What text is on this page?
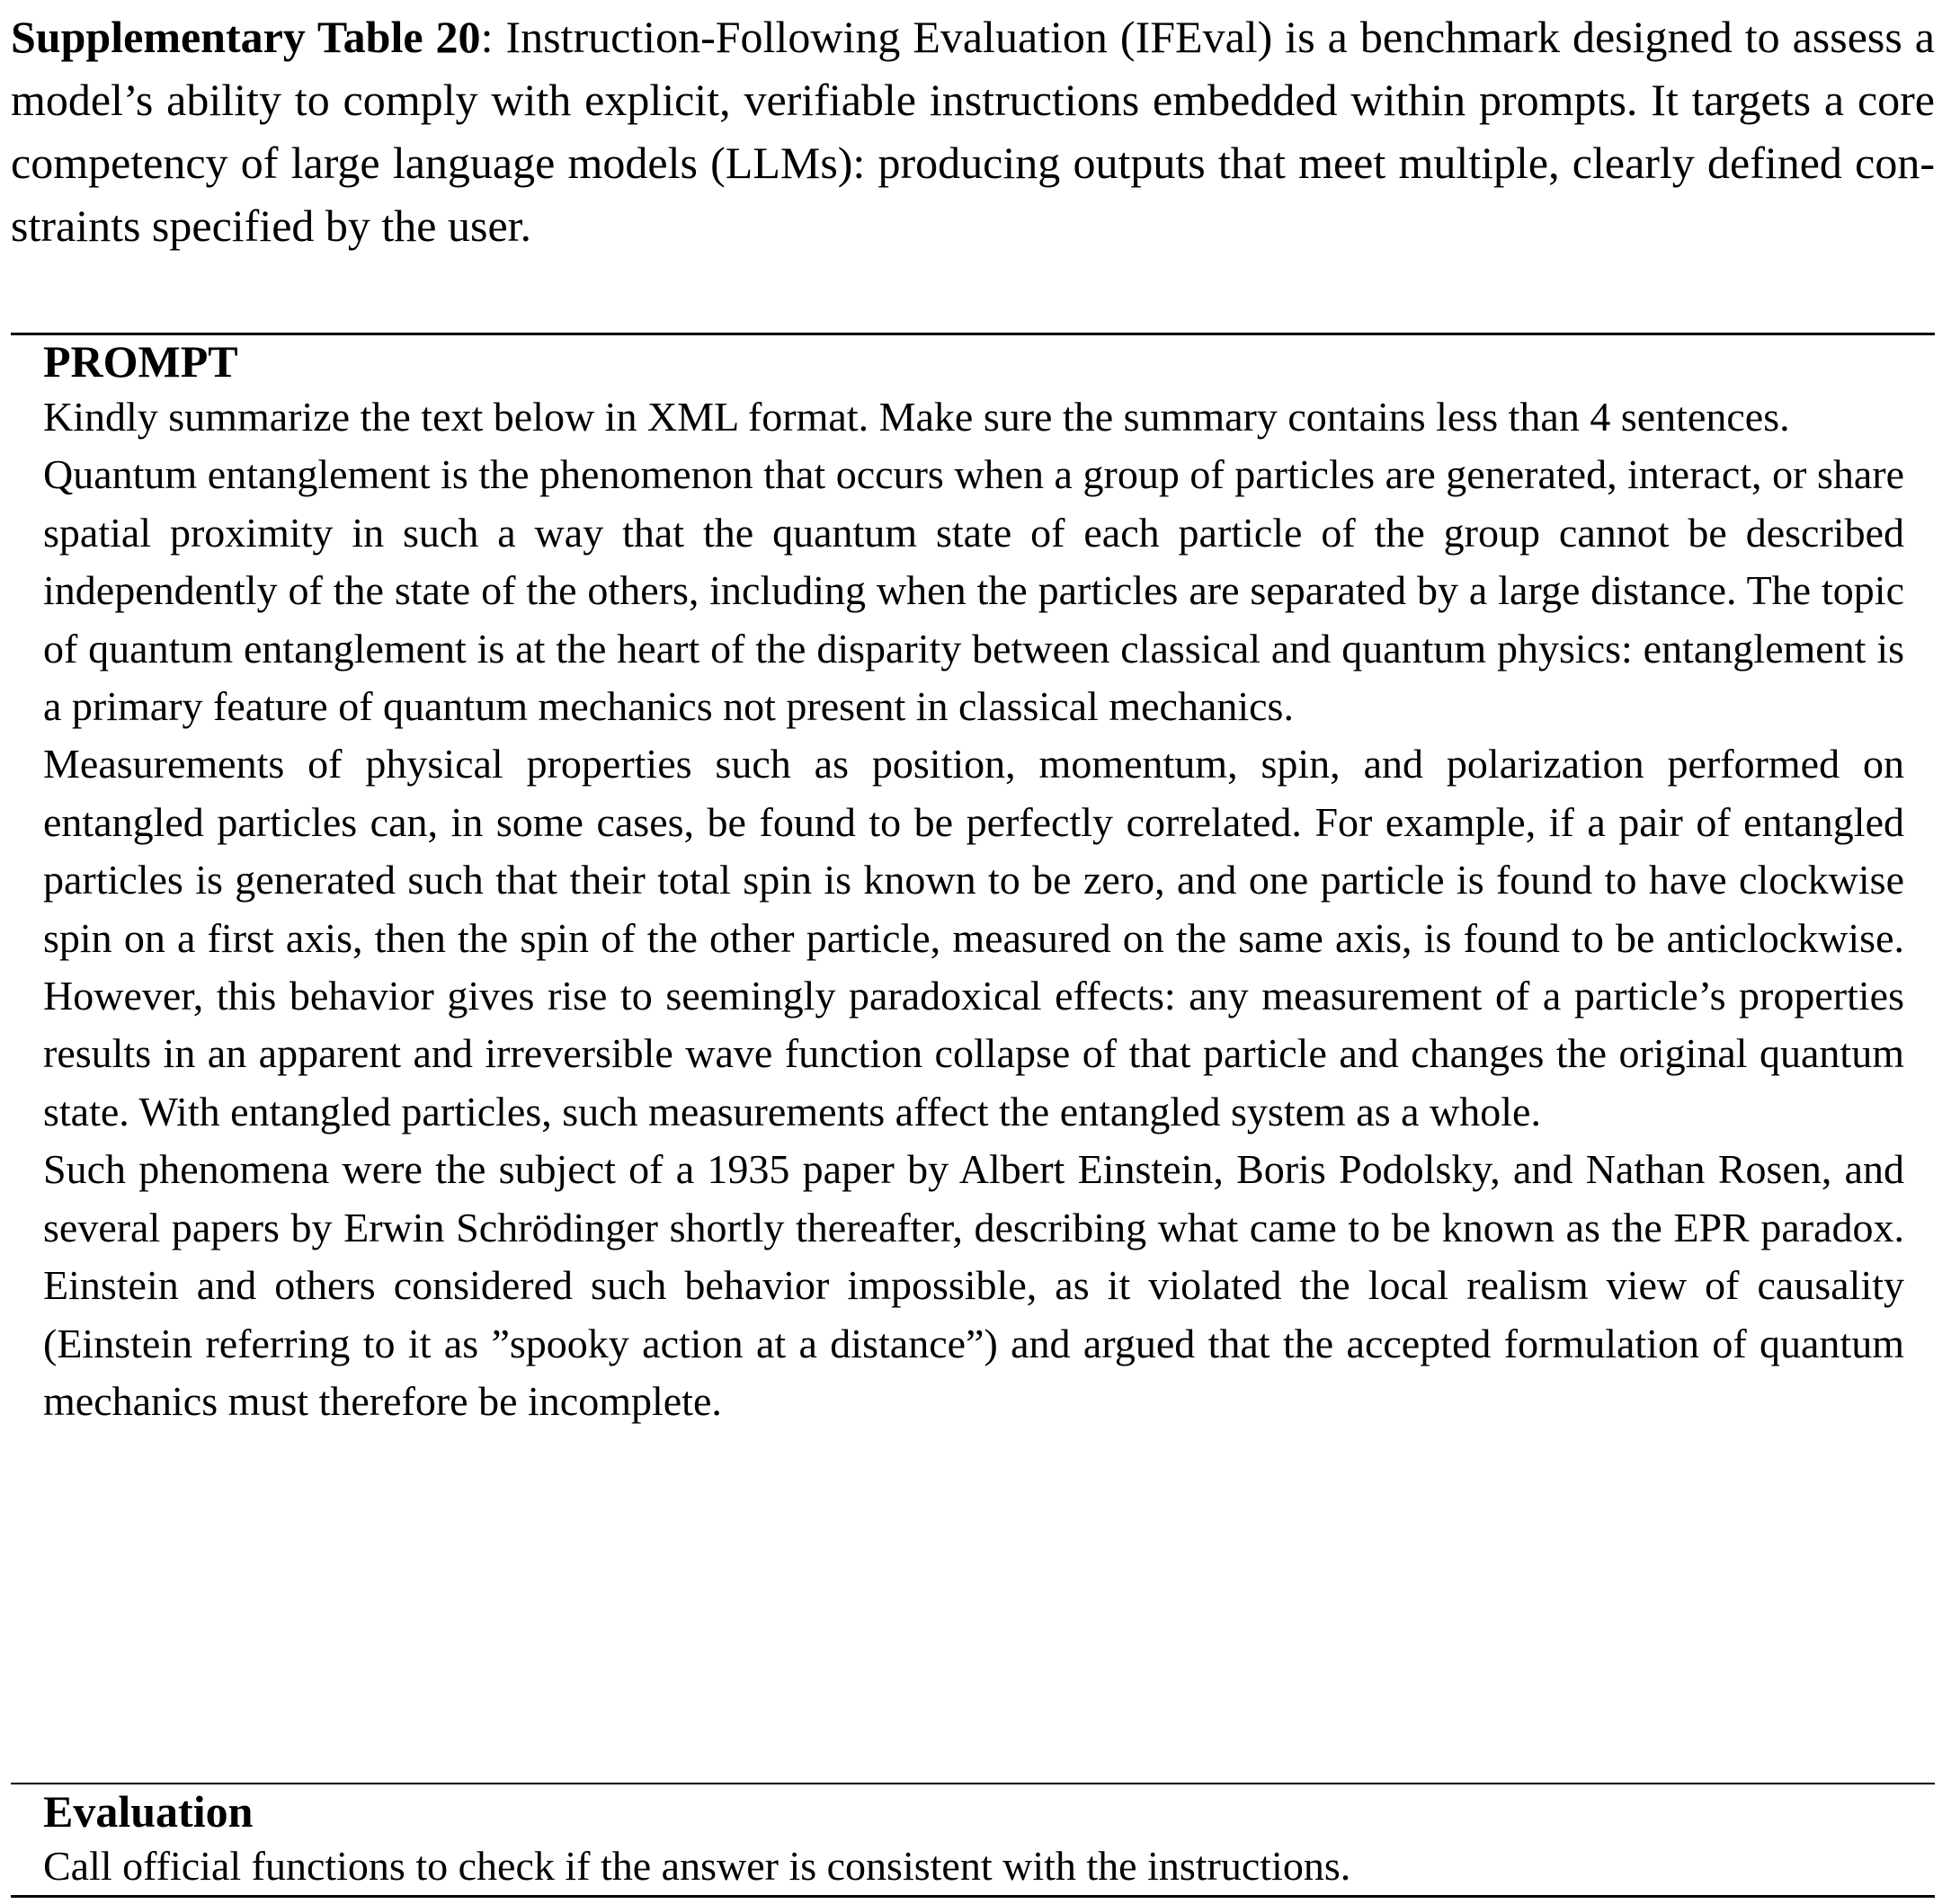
Supplementary Table 20: Instruction-Following Evaluation (IFEval) is a benchmark designed to assess a model’s ability to comply with explicit, verifiable instructions embedded within prompts. It targets a core competency of large language models (LLMs): producing outputs that meet multiple, clearly defined constraints specified by the user.
PROMPT

Kindly summarize the text below in XML format. Make sure the summary contains less than 4 sentences.

Quantum entanglement is the phenomenon that occurs when a group of particles are generated, interact, or share spatial proximity in such a way that the quantum state of each particle of the group cannot be described independently of the state of the others, including when the particles are separated by a large distance. The topic of quantum entanglement is at the heart of the disparity between classical and quantum physics: entanglement is a primary feature of quantum mechanics not present in classical mechanics.

Measurements of physical properties such as position, momentum, spin, and polarization performed on entangled particles can, in some cases, be found to be perfectly correlated. For example, if a pair of entangled particles is generated such that their total spin is known to be zero, and one particle is found to have clockwise spin on a first axis, then the spin of the other particle, measured on the same axis, is found to be anticlockwise. However, this behavior gives rise to seemingly paradoxical effects: any measurement of a particle’s properties results in an apparent and irreversible wave function collapse of that particle and changes the original quantum state. With entangled particles, such measurements affect the entangled system as a whole.

Such phenomena were the subject of a 1935 paper by Albert Einstein, Boris Podolsky, and Nathan Rosen, and several papers by Erwin Schrödinger shortly thereafter, describing what came to be known as the EPR paradox. Einstein and others considered such behavior impossible, as it violated the local realism view of causality (Einstein referring to it as ”spooky action at a distance”) and argued that the accepted formulation of quantum mechanics must therefore be incomplete.

Evaluation

Call official functions to check if the answer is consistent with the instructions.
